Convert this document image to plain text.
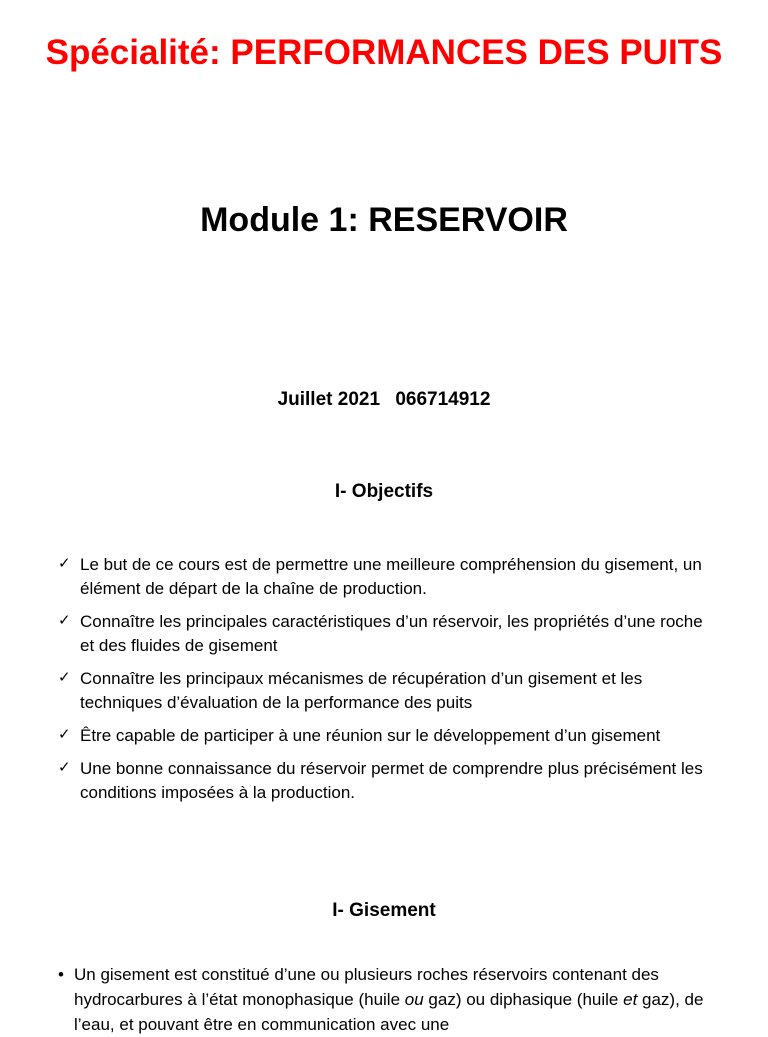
Spécialité: PERFORMANCES DES PUITS
Module 1: RESERVOIR
Juillet 2021 066714912
I- Objectifs
✓ Le but de ce cours est de permettre une meilleure compréhension du gisement, un élément de départ de la chaîne de production.
✓ Connaître les principales caractéristiques d’un réservoir, les propriétés d’une roche et des fluides de gisement
✓ Connaître les principaux mécanismes de récupération d’un gisement et les techniques d’évaluation de la performance des puits
✓ Être capable de participer à une réunion sur le développement d’un gisement
✓ Une bonne connaissance du réservoir permet de comprendre plus précisément les conditions imposées à la production.
I- Gisement
• Un gisement est constitué d’une ou plusieurs roches réservoirs contenant des hydrocarbures à l’état monophasique (huile ou gaz) ou diphasique (huile et gaz), de l’eau, et pouvant être en communication avec une
